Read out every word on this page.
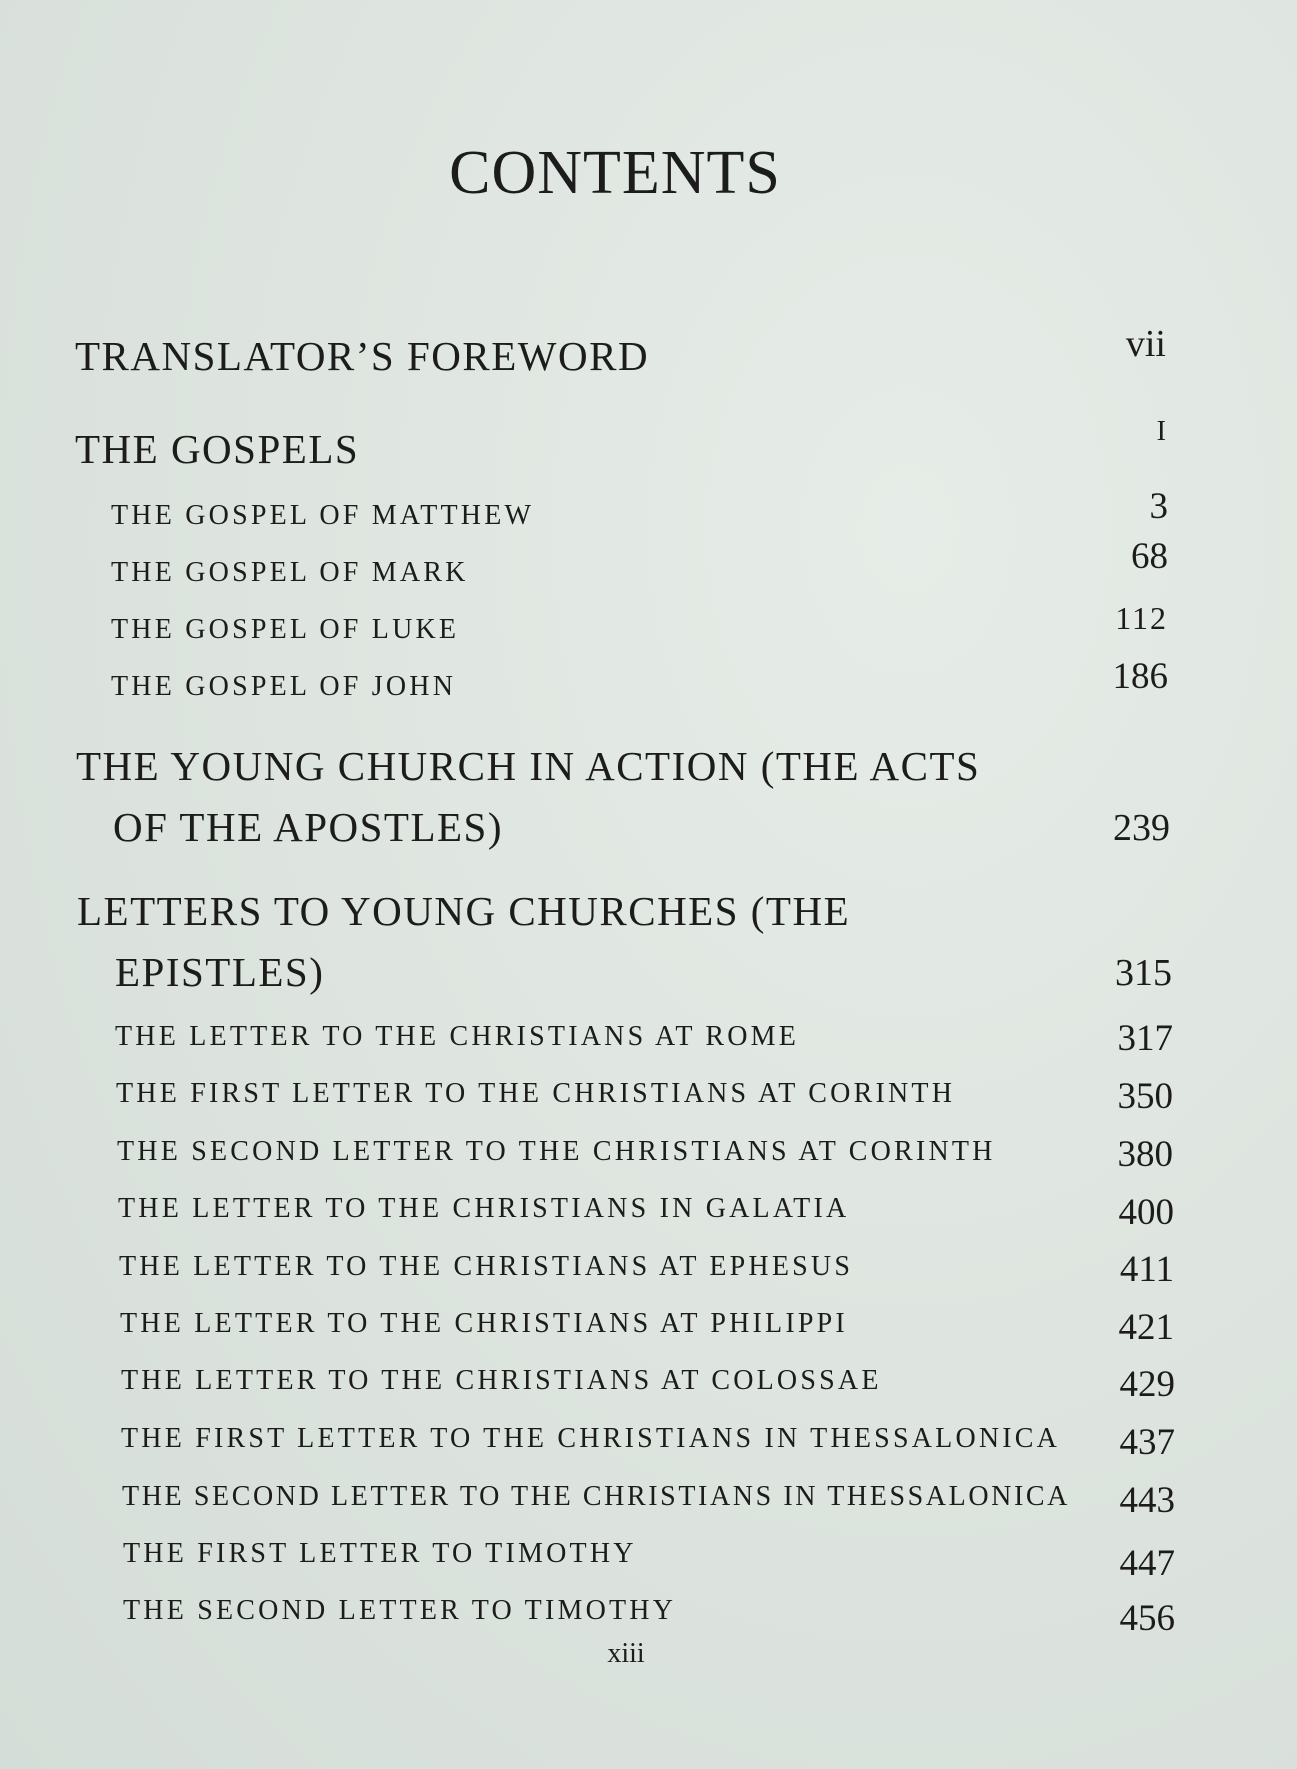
CONTENTS
TRANSLATOR’S FOREWORD	vii
THE GOSPELS	I
THE GOSPEL OF MATTHEW	3
THE GOSPEL OF MARK	68
THE GOSPEL OF LUKE	112
THE GOSPEL OF JOHN	186
THE YOUNG CHURCH IN ACTION (THE ACTS
OF THE APOSTLES)	239
LETTERS TO YOUNG CHURCHES (THE
EPISTLES)	315
THE LETTER TO THE CHRISTIANS AT ROME	317
THE FIRST LETTER TO THE CHRISTIANS AT CORINTH	350
THE SECOND LETTER TO THE CHRISTIANS AT CORINTH	380
THE LETTER TO THE CHRISTIANS IN GALATIA	400
THE LETTER TO THE CHRISTIANS AT EPHESUS	411
THE LETTER TO THE CHRISTIANS AT PHILIPPI	421
THE LETTER TO THE CHRISTIANS AT COLOSSAE	429
THE FIRST LETTER TO THE CHRISTIANS IN THESSALONICA 437
THE SECOND LETTER TO THE CHRISTIANS IN THESSALONICA 443
THE FIRST LETTER TO TIMOTHY	447
THE SECOND LETTER TO TIMOTHY	456
xiii
